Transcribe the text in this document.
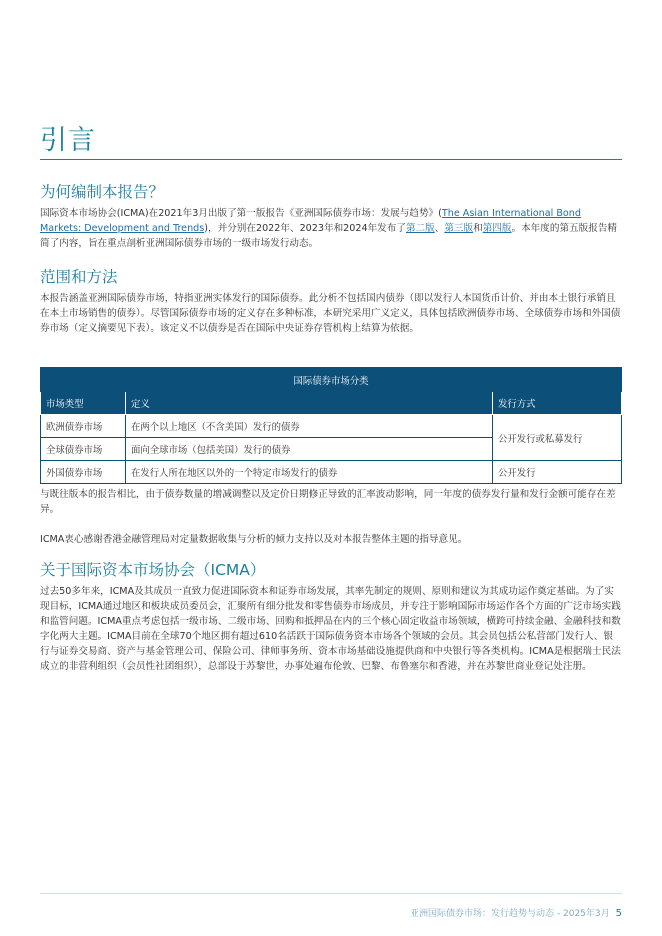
引言
为何编制本报告？

国际资本市场协会(ICMA)在2021年3月出版了第一版报告《亚洲国际债券市场：发展与趋势》(The Asian International Bond Markets: Development and Trends)，并分别在2022年、2023年和2024年发布了第二版、第三版和第四版。本年度的第五版报告精简了内容，旨在重点剖析亚洲国际债券市场的一级市场发行动态。

范围和方法

本报告涵盖亚洲国际债券市场，特指亚洲实体发行的国际债券。此分析不包括国内债券（即以发行人本国货币计价、并由本土银行承销且在本土市场销售的债券）。尽管国际债券市场的定义存在多种标准，本研究采用广义定义，具体包括欧洲债券市场、全球债券市场和外国债券市场（定义摘要见下表）。该定义不以债券是否在国际中央证券存管机构上结算为依据。

国际债券市场分类		
市场类型	定义	发行方式
欧洲债券市场	在两个以上地区（不含美国）发行的债券	公开发行或私募发行
全球债券市场	面向全球市场（包括美国）发行的债券	
外国债券市场	在发行人所在地区以外的一个特定市场发行的债券	公开发行

与既往版本的报告相比，由于债券数量的增减调整以及定价日期修正导致的汇率波动影响，同一年度的债券发行量和发行金额可能存在差异。

ICMA衷心感谢香港金融管理局对定量数据收集与分析的倾力支持以及对本报告整体主题的指导意见。

关于国际资本市场协会（ICMA）

过去50多年来，ICMA及其成员一直致力促进国际资本和证券市场发展，其率先制定的规则、原则和建议为其成功运作奠定基础。为了实现目标，ICMA通过地区和板块成员委员会，汇聚所有细分批发和零售债券市场成员，并专注于影响国际市场运作各个方面的广泛市场实践和监管问题。ICMA重点考虑包括一级市场、二级市场、回购和抵押品在内的三个核心固定收益市场领域，横跨可持续金融、金融科技和数字化两大主题。ICMA目前在全球70个地区拥有超过610名活跃于国际债务资本市场各个领域的会员。其会员包括公私营部门发行人、银行与证券交易商、资产与基金管理公司、保险公司、律师事务所、资本市场基础设施提供商和中央银行等各类机构。ICMA是根据瑞士民法成立的非营利组织（会员性社团组织），总部设于苏黎世，办事处遍布伦敦、巴黎、布鲁塞尔和香港，并在苏黎世商业登记处注册。

亚洲国际债券市场：发行趋势与动态 - 2025年3月 5
